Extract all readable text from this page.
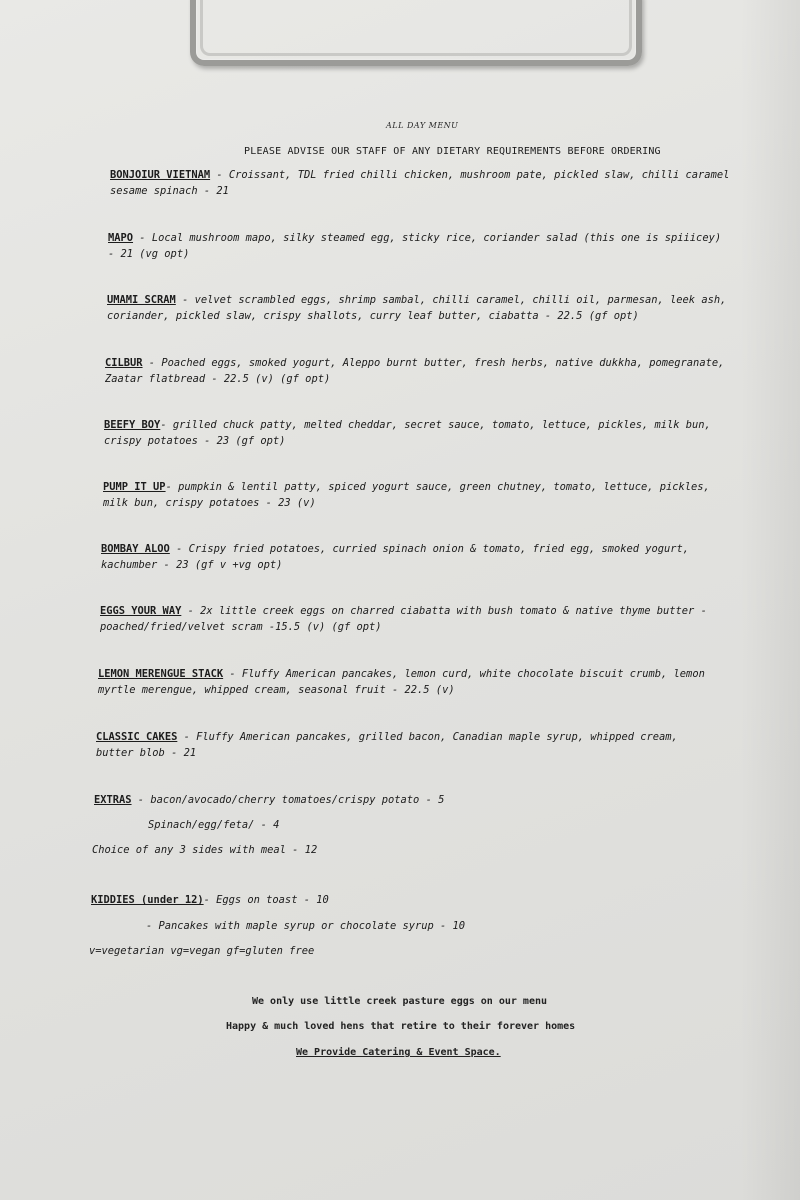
ALL DAY MENU
PLEASE ADVISE OUR STAFF OF ANY DIETARY REQUIREMENTS BEFORE ORDERING
BONJOIUR VIETNAM - Croissant, TDL fried chilli chicken, mushroom pate, pickled slaw, chilli caramel sesame spinach - 21
MAPO - Local mushroom mapo, silky steamed egg, sticky rice, coriander salad (this one is spiiicey) - 21 (vg opt)
UMAMI SCRAM - velvet scrambled eggs, shrimp sambal, chilli caramel, chilli oil, parmesan, leek ash, coriander, pickled slaw, crispy shallots, curry leaf butter, ciabatta - 22.5 (gf opt)
CILBUR - Poached eggs, smoked yogurt, Aleppo burnt butter, fresh herbs, native dukkha, pomegranate, Zaatar flatbread - 22.5 (v) (gf opt)
BEEFY BOY- grilled chuck patty, melted cheddar, secret sauce, tomato, lettuce, pickles, milk bun, crispy potatoes - 23 (gf opt)
PUMP IT UP- pumpkin & lentil patty, spiced yogurt sauce, green chutney, tomato, lettuce, pickles, milk bun, crispy potatoes - 23 (v)
BOMBAY ALOO - Crispy fried potatoes, curried spinach onion & tomato, fried egg, smoked yogurt, kachumber - 23 (gf v +vg opt)
EGGS YOUR WAY - 2x little creek eggs on charred ciabatta with bush tomato & native thyme butter - poached/fried/velvet scram -15.5 (v) (gf opt)
LEMON MERENGUE STACK - Fluffy American pancakes, lemon curd, white chocolate biscuit crumb, lemon myrtle merengue, whipped cream, seasonal fruit - 22.5 (v)
CLASSIC CAKES - Fluffy American pancakes, grilled bacon, Canadian maple syrup, whipped cream, butter blob - 21
EXTRAS - bacon/avocado/cherry tomatoes/crispy potato - 5
Spinach/egg/feta/ - 4
Choice of any 3 sides with meal - 12
KIDDIES (under 12)- Eggs on toast - 10
- Pancakes with maple syrup or chocolate syrup - 10
v=vegetarian vg=vegan gf=gluten free
We only use little creek pasture eggs on our menu
Happy & much loved hens that retire to their forever homes
We Provide Catering & Event Space.
